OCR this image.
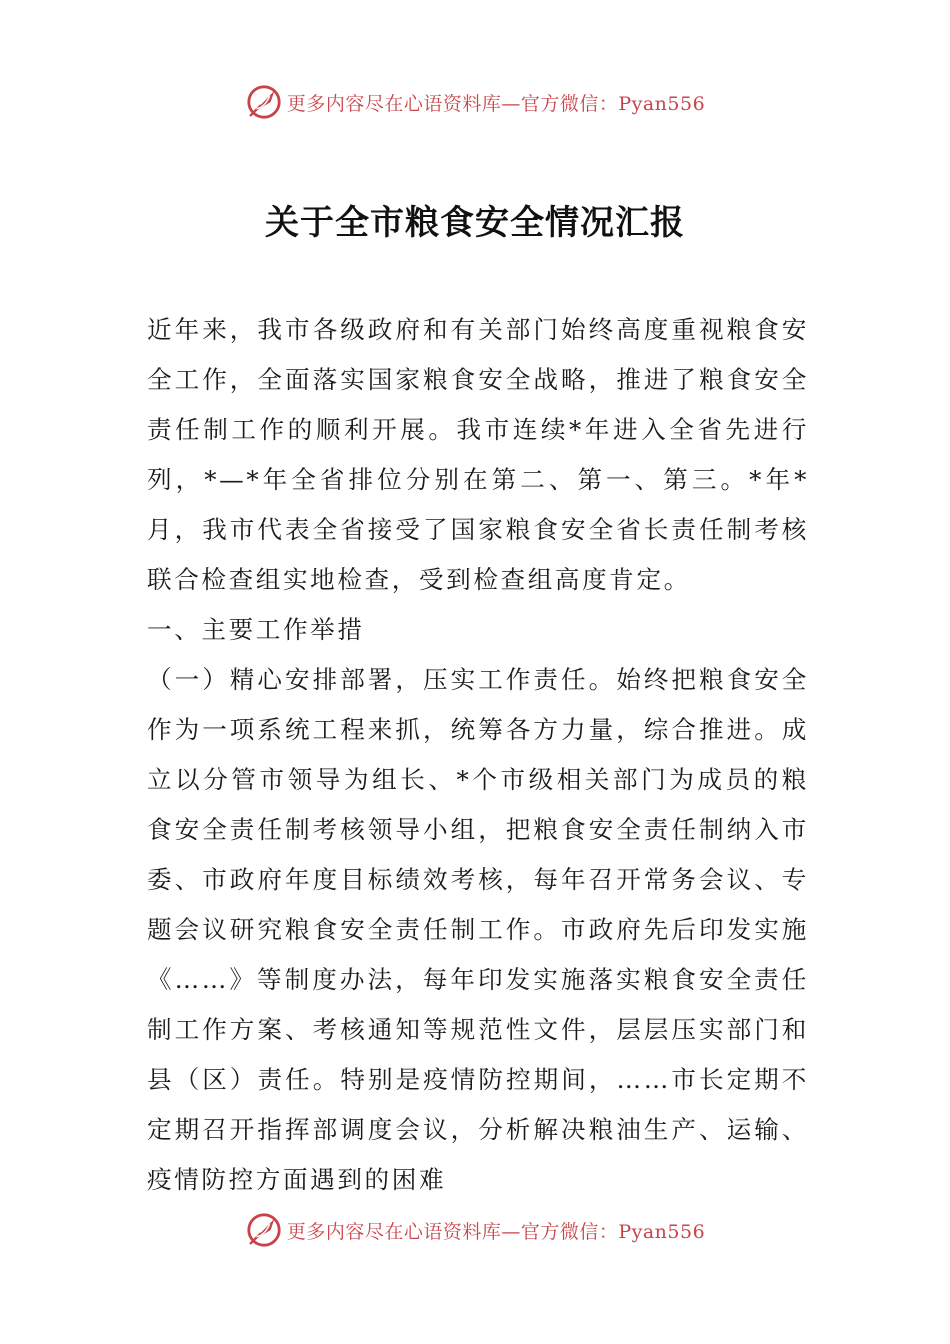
更多内容尽在心语资料库—官方微信：Pyan556
关于全市粮食安全情况汇报

近年来，我市各级政府和有关部门始终高度重视粮食安全工作，全面落实国家粮食安全战略，推进了粮食安全责任制工作的顺利开展。我市连续*年进入全省先进行列，*—*年全省排位分别在第二、第一、第三。*年*月，我市代表全省接受了国家粮食安全省长责任制考核联合检查组实地检查，受到检查组高度肯定。

一、主要工作举措

（一）精心安排部署，压实工作责任。始终把粮食安全作为一项系统工程来抓，统筹各方力量，综合推进。成立以分管市领导为组长、*个市级相关部门为成员的粮食安全责任制考核领导小组，把粮食安全责任制纳入市委、市政府年度目标绩效考核，每年召开常务会议、专题会议研究粮食安全责任制工作。市政府先后印发实施《……》等制度办法，每年印发实施落实粮食安全责任制工作方案、考核通知等规范性文件，层层压实部门和县（区）责任。特别是疫情防控期间，……市长定期不定期召开指挥部调度会议，分析解决粮油生产、运输、疫情防控方面遇到的困难

更多内容尽在心语资料库—官方微信：Pyan556
